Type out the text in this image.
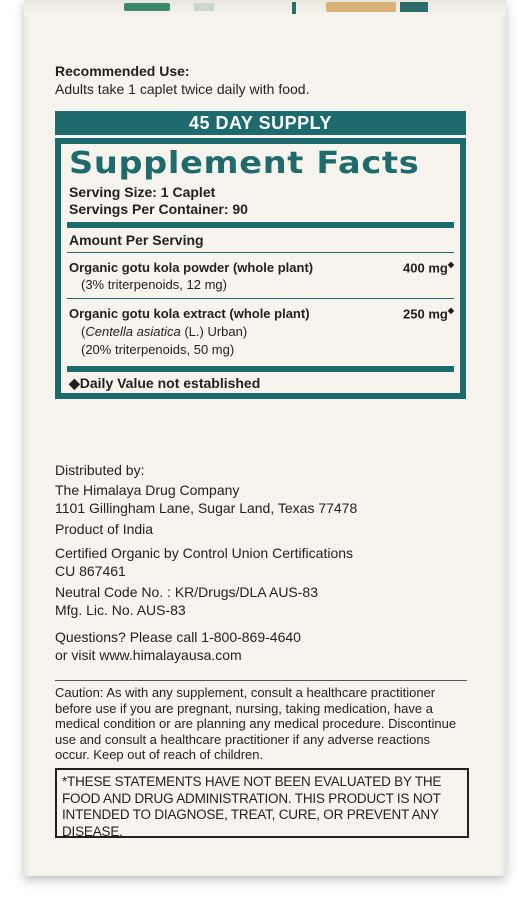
Recommended Use:
Adults take 1 caplet twice daily with food.
45 DAY SUPPLY
Supplement Facts
Serving Size: 1 Caplet
Servings Per Container: 90
Amount Per Serving
Organic gotu kola powder (whole plant)
(3% triterpenoids, 12 mg)
400 mg◆
Organic gotu kola extract (whole plant)
(Centella asiatica (L.) Urban)
(20% triterpenoids, 50 mg)
250 mg◆
◆Daily Value not established
Distributed by:
The Himalaya Drug Company
1101 Gillingham Lane, Sugar Land, Texas 77478
Product of India
Certified Organic by Control Union Certifications
CU 867461
Neutral Code No. : KR/Drugs/DLA AUS-83
Mfg. Lic. No. AUS-83
Questions? Please call 1-800-869-4640
or visit www.himalayausa.com
Caution: As with any supplement, consult a healthcare practitioner before use if you are pregnant, nursing, taking medication, have a medical condition or are planning any medical procedure. Discontinue use and consult a healthcare practitioner if any adverse reactions occur. Keep out of reach of children.
*THESE STATEMENTS HAVE NOT BEEN EVALUATED BY THE FOOD AND DRUG ADMINISTRATION. THIS PRODUCT IS NOT INTENDED TO DIAGNOSE, TREAT, CURE, OR PREVENT ANY DISEASE.
